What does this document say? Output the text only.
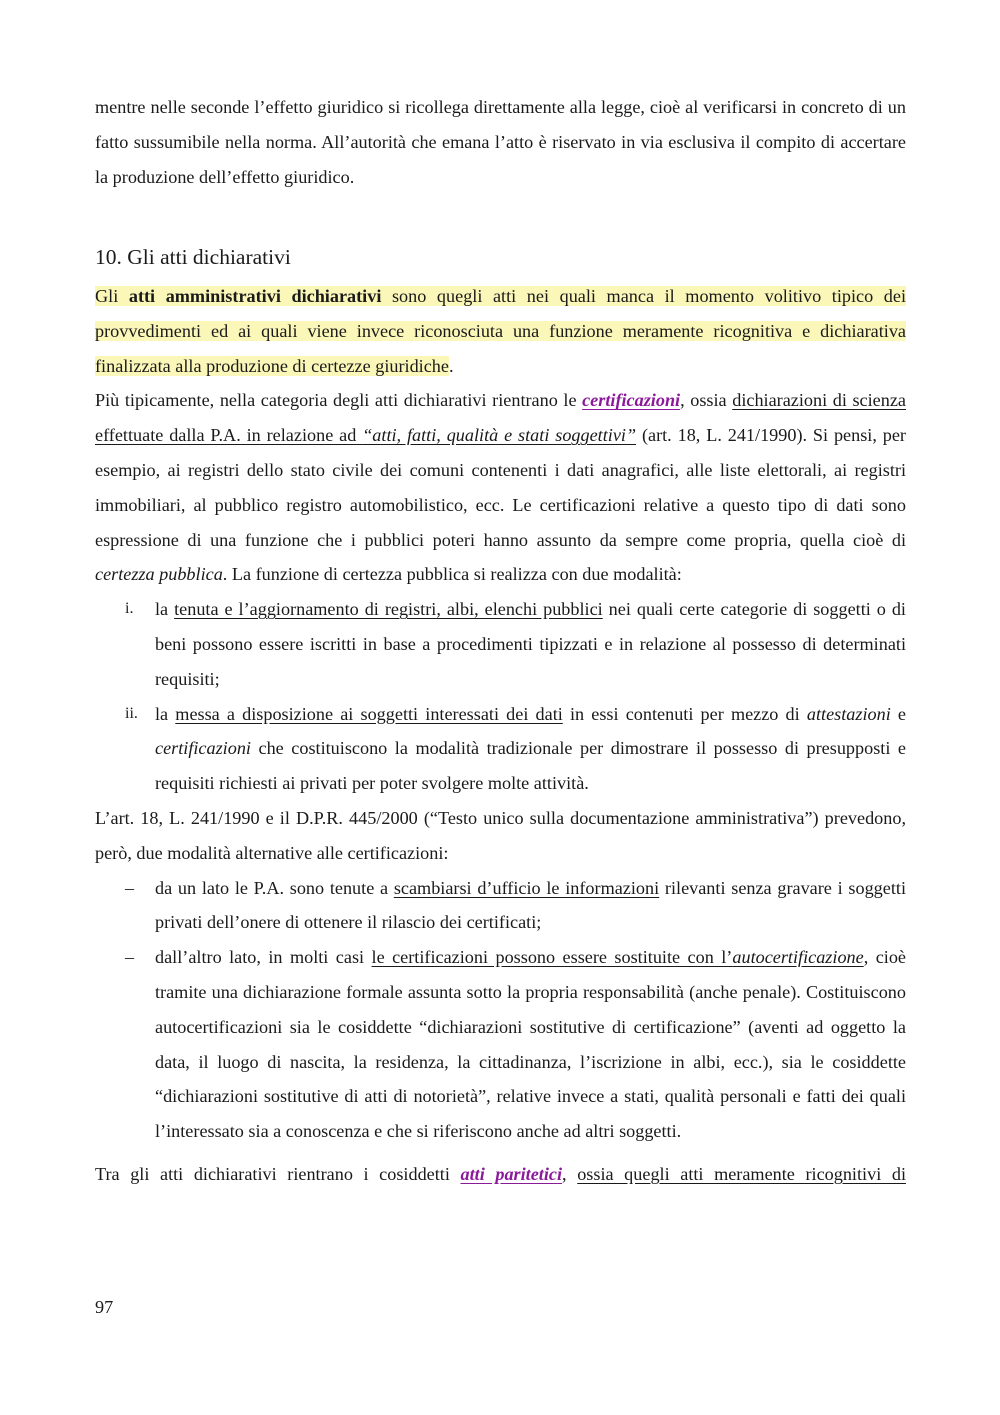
mentre nelle seconde l’effetto giuridico si ricollega direttamente alla legge, cioè al verificarsi in concreto di un fatto sussumibile nella norma. All’autorità che emana l’atto è riservato in via esclusiva il compito di accertare la produzione dell’effetto giuridico.

10. Gli atti dichiarativi

Gli atti amministrativi dichiarativi sono quegli atti nei quali manca il momento volitivo tipico dei provvedimenti ed ai quali viene invece riconosciuta una funzione meramente ricognitiva e dichiarativa finalizzata alla produzione di certezze giuridiche.

Più tipicamente, nella categoria degli atti dichiarativi rientrano le certificazioni, ossia dichiarazioni di scienza effettuate dalla P.A. in relazione ad “atti, fatti, qualità e stati soggettivi” (art. 18, L. 241/1990). Si pensi, per esempio, ai registri dello stato civile dei comuni contenenti i dati anagrafici, alle liste elettorali, ai registri immobiliari, al pubblico registro automobilistico, ecc. Le certificazioni relative a questo tipo di dati sono espressione di una funzione che i pubblici poteri hanno assunto da sempre come propria, quella cioè di certezza pubblica. La funzione di certezza pubblica si realizza con due modalità:

i. la tenuta e l’aggiornamento di registri, albi, elenchi pubblici nei quali certe categorie di soggetti o di beni possono essere iscritti in base a procedimenti tipizzati e in relazione al possesso di determinati requisiti;

ii. la messa a disposizione ai soggetti interessati dei dati in essi contenuti per mezzo di attestazioni e certificazioni che costituiscono la modalità tradizionale per dimostrare il possesso di presupposti e requisiti richiesti ai privati per poter svolgere molte attività.

L’art. 18, L. 241/1990 e il D.P.R. 445/2000 (“Testo unico sulla documentazione amministrativa”) prevedono, però, due modalità alternative alle certificazioni:

– da un lato le P.A. sono tenute a scambiarsi d’ufficio le informazioni rilevanti senza gravare i soggetti privati dell’onere di ottenere il rilascio dei certificati;

– dall’altro lato, in molti casi le certificazioni possono essere sostituite con l’autocertificazione, cioè tramite una dichiarazione formale assunta sotto la propria responsabilità (anche penale). Costituiscono autocertificazioni sia le cosiddette “dichiarazioni sostitutive di certificazione” (aventi ad oggetto la data, il luogo di nascita, la residenza, la cittadinanza, l’iscrizione in albi, ecc.), sia le cosiddette “dichiarazioni sostitutive di atti di notorietà”, relative invece a stati, qualità personali e fatti dei quali l’interessato sia a conoscenza e che si riferiscono anche ad altri soggetti.

Tra gli atti dichiarativi rientrano i cosiddetti atti paritetici, ossia quegli atti meramente ricognitivi di

97
